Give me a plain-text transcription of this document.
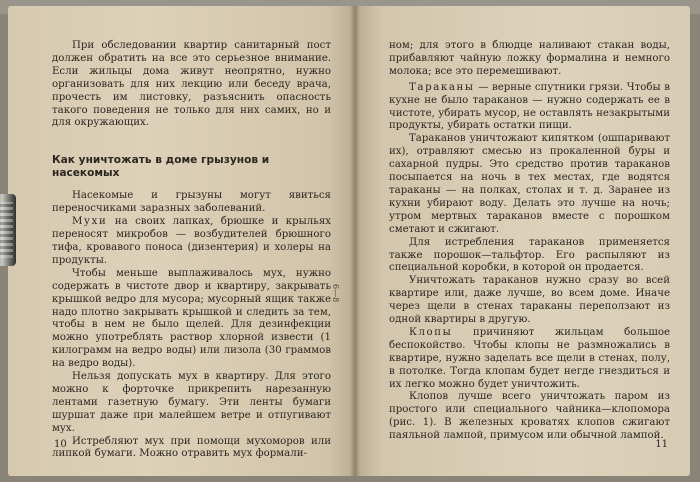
При обследовании квартир санитарный пост должен обратить на все это серьезное внимание. Если жильцы дома живут неопрятно, нужно организовать для них лекцию или беседу врача, прочесть им листовку, разъяснить опасность такого поведения не только для них самих, но и для окружающих.

Как уничтожать в доме грызунов и насекомых

Насекомые и грызуны могут явиться переносчиками заразных заболеваний.

Мухи на своих лапках, брюшке и крыльях переносят микробов — возбудителей брюшного тифа, кровавого поноса (дизентерия) и холеры на продукты.

Чтобы меньше выплаживалось мух, нужно содержать в чистоте двор и квартиру, закрывать крышкой ведро для мусора; мусорный ящик также надо плотно закрывать крышкой и следить за тем, чтобы в нем не было щелей. Для дезинфекции можно употреблять раствор хлорной извести (1 килограмм на ведро воды) или лизола (30 граммов на ведро воды).

Нельзя допускать мух в квартиру. Для этого можно к форточке прикрепить нарезанную лентами газетную бумагу. Эти ленты бумаги шуршат даже при малейшем ветре и отпугивают мух.

Истребляют мух при помощи мухоморов или липкой бумаги. Можно отравить мух формали-

10

ном; для этого в блюдце наливают стакан воды, прибавляют чайную ложку формалина и немного молока; все это перемешивают.

Тараканы — верные спутники грязи. Чтобы в кухне не было тараканов — нужно содержать ее в чистоте, убирать мусор, не оставлять незакрытыми продукты, убирать остатки пищи.

Тараканов уничтожают кипятком (ошпаривают их), отравляют смесью из прокаленной буры и сахарной пудры. Это средство против тараканов посыпается на ночь в тех местах, где водятся тараканы — на полках, столах и т. д. Заранее из кухни убирают воду. Делать это лучше на ночь; утром мертвых тараканов вместе с порошком сметают и сжигают.

Для истребления тараканов применяется также порошок—тальфтор. Его распыляют из специальной коробки, в которой он продается.

Уничтожать тараканов нужно сразу во всей квартире или, даже лучше, во всем доме. Иначе через щели в стенах тараканы переползают из одной квартиры в другую.

Клопы причиняют жильцам большое беспокойство. Чтобы клопы не размножались в квартире, нужно заделать все щели в стенах, полу, в потолке. Тогда клопам будет негде гнездиться и их легко можно будет уничтожить.

Клопов лучше всего уничтожать паром из простого или специального чайника—клопомора (рис. 1). В железных кроватях клопов сжигают паяльной лампой, примусом или обычной лампой.

11
6—8
